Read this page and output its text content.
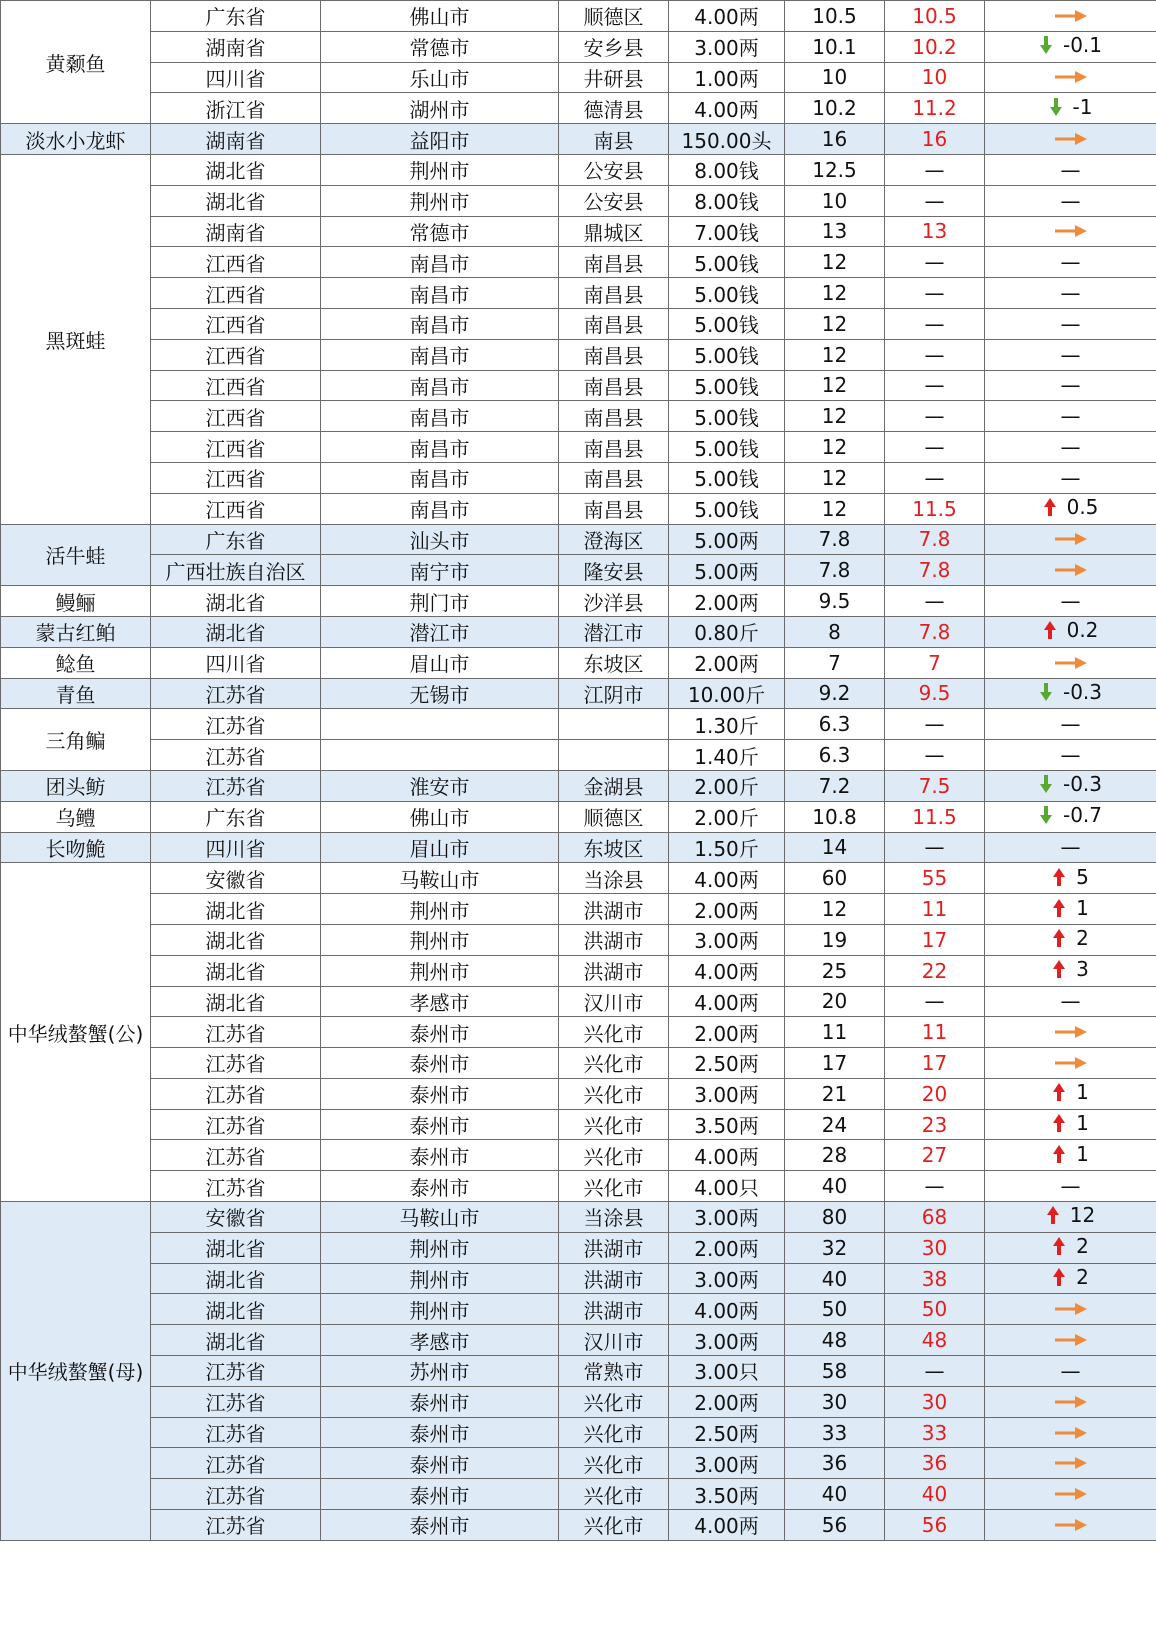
黄颡鱼	广东省	佛山市	顺德区	4.00两	10.5	10.5	

	湖南省	常德市	安乡县	3.00两	10.1	10.2	-0.1

	四川省	乐山市	井研县	1.00两	10	10	

	浙江省	湖州市	德清县	4.00两	10.2	11.2	-1

淡水小龙虾	湖南省	益阳市	南县	150.00头	16	16	

黑斑蛙	湖北省	荆州市	公安县	8.00钱	12.5	—	—
	湖北省	荆州市	公安县	8.00钱	10	—	—
	湖南省	常德市	鼎城区	7.00钱	13	13	

	江西省	南昌市	南昌县	5.00钱	12	—	—
	江西省	南昌市	南昌县	5.00钱	12	—	—
	江西省	南昌市	南昌县	5.00钱	12	—	—
	江西省	南昌市	南昌县	5.00钱	12	—	—
	江西省	南昌市	南昌县	5.00钱	12	—	—
	江西省	南昌市	南昌县	5.00钱	12	—	—
	江西省	南昌市	南昌县	5.00钱	12	—	—
	江西省	南昌市	南昌县	5.00钱	12	—	—
	江西省	南昌市	南昌县	5.00钱	12	11.5	0.5

活牛蛙	广东省	汕头市	澄海区	5.00两	7.8	7.8	

	广西壮族自治区	南宁市	隆安县	5.00两	7.8	7.8	

鳗鲡	湖北省	荆门市	沙洋县	2.00两	9.5	—	—
蒙古红鲌	湖北省	潜江市	潜江市	0.80斤	8	7.8	0.2

鲶鱼	四川省	眉山市	东坡区	2.00两	7	7	

青鱼	江苏省	无锡市	江阴市	10.00斤	9.2	9.5	-0.3

三角鳊	江苏省			1.30斤	6.3	—	—
	江苏省			1.40斤	6.3	—	—
团头鲂	江苏省	淮安市	金湖县	2.00斤	7.2	7.5	-0.3

乌鳢	广东省	佛山市	顺德区	2.00斤	10.8	11.5	-0.7

长吻鮠	四川省	眉山市	东坡区	1.50斤	14	—	—
中华绒螯蟹(公)	安徽省	马鞍山市	当涂县	4.00两	60	55	5

	湖北省	荆州市	洪湖市	2.00两	12	11	1

	湖北省	荆州市	洪湖市	3.00两	19	17	2

	湖北省	荆州市	洪湖市	4.00两	25	22	3

	湖北省	孝感市	汉川市	4.00两	20	—	—
	江苏省	泰州市	兴化市	2.00两	11	11	

	江苏省	泰州市	兴化市	2.50两	17	17	

	江苏省	泰州市	兴化市	3.00两	21	20	1

	江苏省	泰州市	兴化市	3.50两	24	23	1

	江苏省	泰州市	兴化市	4.00两	28	27	1

	江苏省	泰州市	兴化市	4.00只	40	—	—
中华绒螯蟹(母)	安徽省	马鞍山市	当涂县	3.00两	80	68	12

	湖北省	荆州市	洪湖市	2.00两	32	30	2

	湖北省	荆州市	洪湖市	3.00两	40	38	2

	湖北省	荆州市	洪湖市	4.00两	50	50	

	湖北省	孝感市	汉川市	3.00两	48	48	

	江苏省	苏州市	常熟市	3.00只	58	—	—
	江苏省	泰州市	兴化市	2.00两	30	30	

	江苏省	泰州市	兴化市	2.50两	33	33	

	江苏省	泰州市	兴化市	3.00两	36	36	

	江苏省	泰州市	兴化市	3.50两	40	40	

	江苏省	泰州市	兴化市	4.00两	56	56	
